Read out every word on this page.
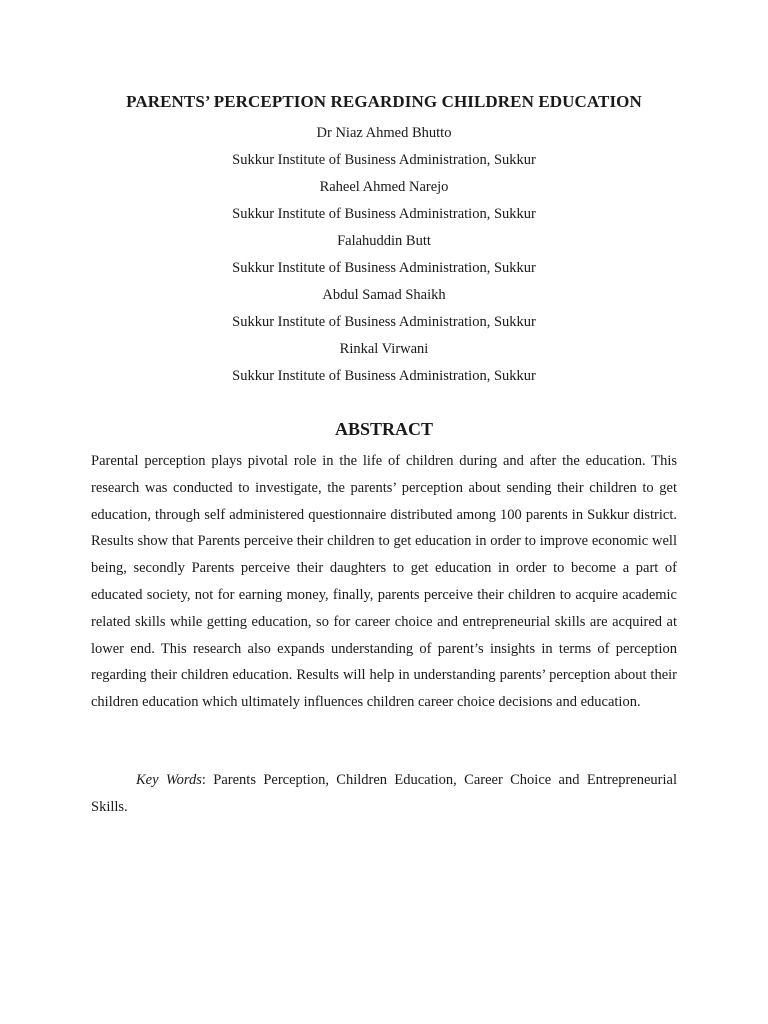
PARENTS’ PERCEPTION REGARDING CHILDREN EDUCATION
Dr Niaz Ahmed Bhutto
Sukkur Institute of Business Administration, Sukkur
Raheel Ahmed Narejo
Sukkur Institute of Business Administration, Sukkur
Falahuddin Butt
Sukkur Institute of Business Administration, Sukkur
Abdul Samad Shaikh
Sukkur Institute of Business Administration, Sukkur
Rinkal Virwani
Sukkur Institute of Business Administration, Sukkur
ABSTRACT
Parental perception plays pivotal role in the life of children during and after the education. This research was conducted to investigate, the parents’ perception about sending their children to get education, through self administered questionnaire distributed among 100 parents in Sukkur district. Results show that Parents perceive their children to get education in order to improve economic well being, secondly Parents perceive their daughters to get education in order to become a part of educated society, not for earning money, finally, parents perceive their children to acquire academic related skills while getting education, so for career choice and entrepreneurial skills are acquired at lower end. This research also expands understanding of parent’s insights in terms of perception regarding their children education. Results will help in understanding parents’ perception about their children education which ultimately influences children career choice decisions and education.
Key Words: Parents Perception, Children Education, Career Choice and Entrepreneurial Skills.
